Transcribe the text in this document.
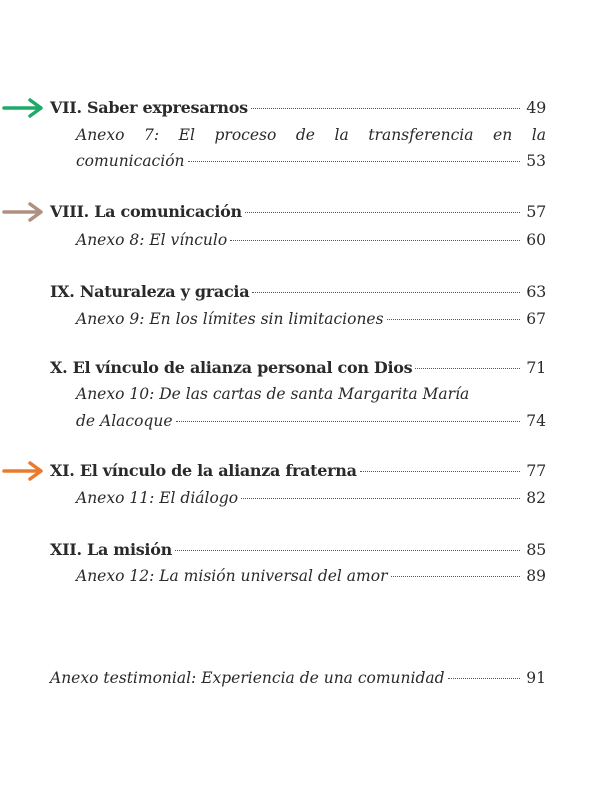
VII. Saber expresarnos	49
Anexo 7: El proceso de la transferencia en la
comunicación	53
VIII. La comunicación	57
Anexo 8: El vínculo	60
IX. Naturaleza y gracia	63
Anexo 9: En los límites sin limitaciones	67
X. El vínculo de alianza personal con Dios	71
Anexo 10: De las cartas de santa Margarita María
de Alacoque	74
XI. El vínculo de la alianza fraterna	77
Anexo 11: El diálogo	82
XII. La misión	85
Anexo 12: La misión universal del amor	89
Anexo testimonial: Experiencia de una comunidad	91
